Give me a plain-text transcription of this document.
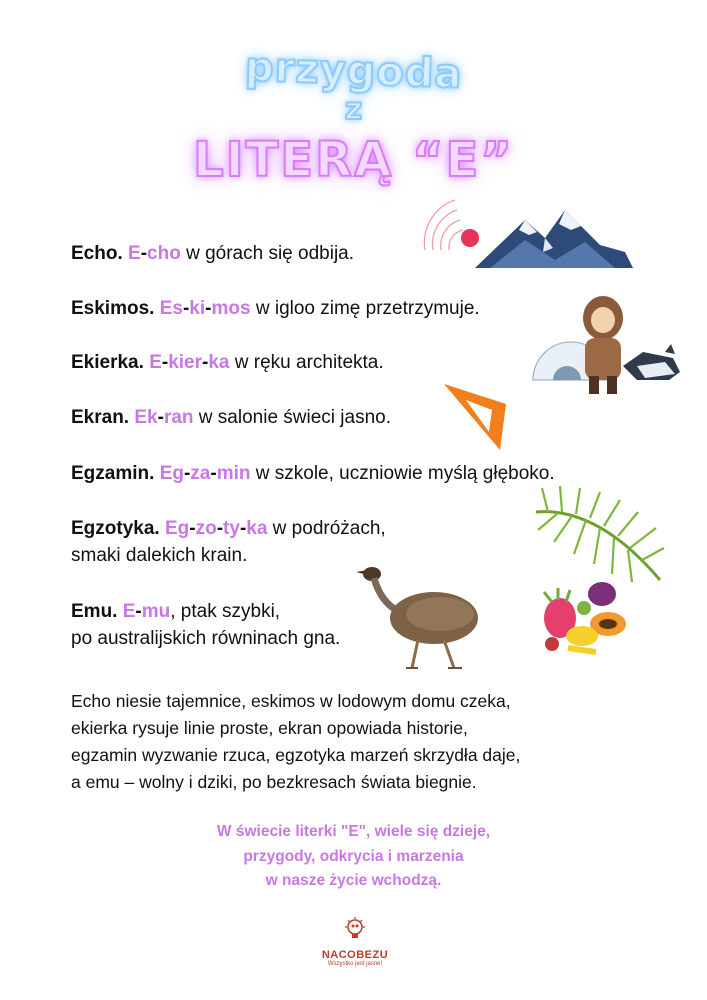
przygoda
z
LITERĄ “E”
Echo. E-cho w górach się odbija.
Eskimos. Es-ki-mos w igloo zimę przetrzymuje.
Ekierka. E-kier-ka w ręku architekta.
Ekran. Ek-ran w salonie świeci jasno.
Egzamin. Eg-za-min w szkole, uczniowie myślą głęboko.
Egzotyka. Eg-zo-ty-ka w podróżach,
smaki dalekich krain.
Emu. E-mu, ptak szybki,
po australijskich równinach gna.
Echo niesie tajemnice, eskimos w lodowym domu czeka,
ekierka rysuje linie proste, ekran opowiada historie,
egzamin wyzwanie rzuca, egzotyka marzeń skrzydła daje,
a emu – wolny i dziki, po bezkresach świata biegnie.
W świecie literki "E", wiele się dzieje,
przygody, odkrycia i marzenia
w nasze życie wchodzą.
NACOBEZU
Wszystko jest jasne!
